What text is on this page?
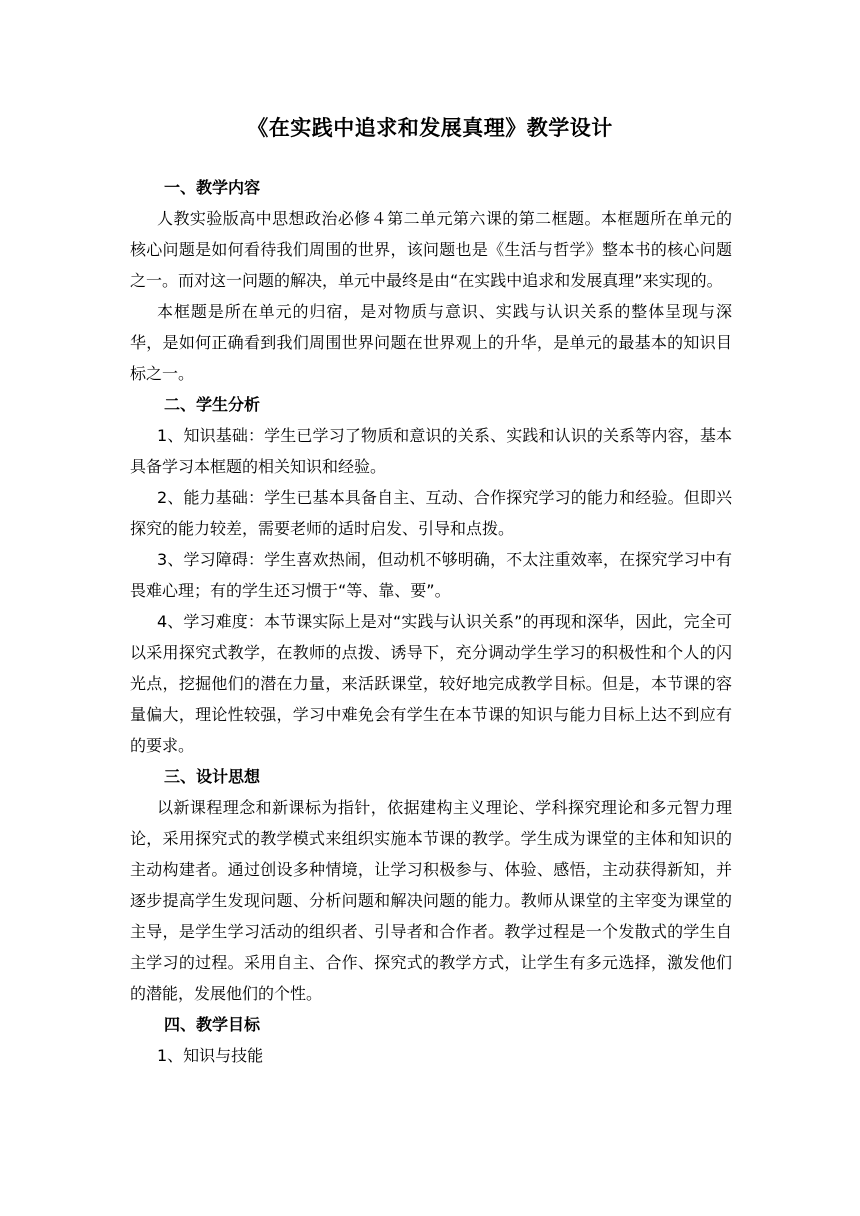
《在实践中追求和发展真理》教学设计
一、教学内容

人教实验版高中思想政治必修４第二单元第六课的第二框题。本框题所在单元的核心问题是如何看待我们周围的世界，该问题也是《生活与哲学》整本书的核心问题之一。而对这一问题的解决，单元中最终是由“在实践中追求和发展真理”来实现的。

本框题是所在单元的归宿，是对物质与意识、实践与认识关系的整体呈现与深华，是如何正确看到我们周围世界问题在世界观上的升华，是单元的最基本的知识目标之一。

二、学生分析

1、知识基础：学生已学习了物质和意识的关系、实践和认识的关系等内容，基本具备学习本框题的相关知识和经验。

2、能力基础：学生已基本具备自主、互动、合作探究学习的能力和经验。但即兴探究的能力较差，需要老师的适时启发、引导和点拨。

3、学习障碍：学生喜欢热闹，但动机不够明确，不太注重效率，在探究学习中有畏难心理；有的学生还习惯于“等、靠、要”。

4、学习难度：本节课实际上是对“实践与认识关系”的再现和深华，因此，完全可以采用探究式教学，在教师的点拨、诱导下，充分调动学生学习的积极性和个人的闪光点，挖掘他们的潜在力量，来活跃课堂，较好地完成教学目标。但是，本节课的容量偏大，理论性较强，学习中难免会有学生在本节课的知识与能力目标上达不到应有的要求。

三、设计思想

以新课程理念和新课标为指针，依据建构主义理论、学科探究理论和多元智力理论，采用探究式的教学模式来组织实施本节课的教学。学生成为课堂的主体和知识的主动构建者。通过创设多种情境，让学习积极参与、体验、感悟，主动获得新知，并逐步提高学生发现问题、分析问题和解决问题的能力。教师从课堂的主宰变为课堂的主导，是学生学习活动的组织者、引导者和合作者。教学过程是一个发散式的学生自主学习的过程。采用自主、合作、探究式的教学方式，让学生有多元选择，激发他们的潜能，发展他们的个性。

四、教学目标

1、知识与技能
